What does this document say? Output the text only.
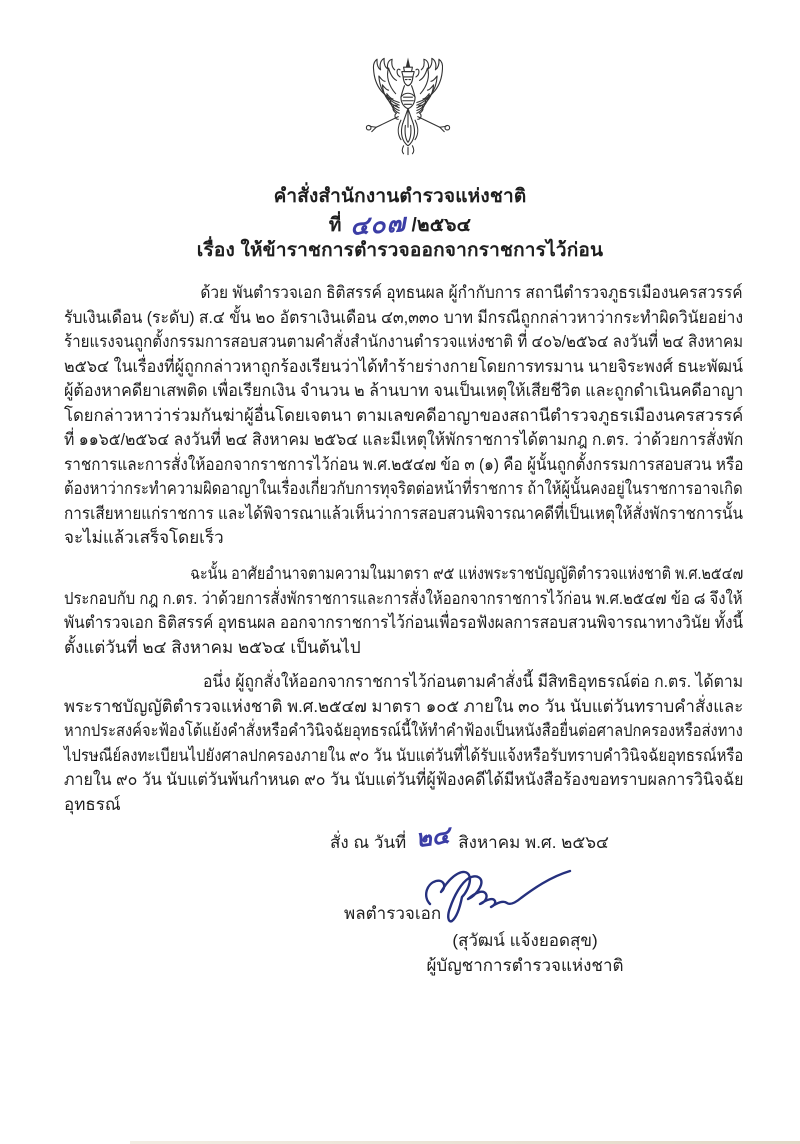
คำสั่งสำนักงานตำรวจแห่งชาติ
ที่ ๔๐๗ /๒๕๖๔
เรื่อง ให้ข้าราชการตำรวจออกจากราชการไว้ก่อน
ด้วย พันตำรวจเอก ธิติสรรค์ อุทธนผล ผู้กำกับการ สถานีตำรวจภูธรเมืองนครสวรรค์
รับเงินเดือน (ระดับ) ส.๔ ขั้น ๒๐ อัตราเงินเดือน ๔๓,๓๓๐ บาท มีกรณีถูกกล่าวหาว่ากระทำผิดวินัยอย่าง
ร้ายแรงจนถูกตั้งกรรมการสอบสวนตามคำสั่งสำนักงานตำรวจแห่งชาติ ที่ ๔๐๖/๒๕๖๔ ลงวันที่ ๒๔ สิงหาคม
๒๕๖๔ ในเรื่องที่ผู้ถูกกล่าวหาถูกร้องเรียนว่าได้ทำร้ายร่างกายโดยการทรมาน นายจิระพงศ์ ธนะพัฒน์
ผู้ต้องหาคดียาเสพติด เพื่อเรียกเงิน จำนวน ๒ ล้านบาท จนเป็นเหตุให้เสียชีวิต และถูกดำเนินคดีอาญา
โดยกล่าวหาว่าร่วมกันฆ่าผู้อื่นโดยเจตนา ตามเลขคดีอาญาของสถานีตำรวจภูธรเมืองนครสวรรค์
ที่ ๑๑๖๕/๒๕๖๔ ลงวันที่ ๒๔ สิงหาคม ๒๕๖๔ และมีเหตุให้พักราชการได้ตามกฎ ก.ตร. ว่าด้วยการสั่งพัก
ราชการและการสั่งให้ออกจากราชการไว้ก่อน พ.ศ.๒๕๔๗ ข้อ ๓ (๑) คือ ผู้นั้นถูกตั้งกรรมการสอบสวน หรือ
ต้องหาว่ากระทำความผิดอาญาในเรื่องเกี่ยวกับการทุจริตต่อหน้าที่ราชการ ถ้าให้ผู้นั้นคงอยู่ในราชการอาจเกิด
การเสียหายแก่ราชการ และได้พิจารณาแล้วเห็นว่าการสอบสวนพิจารณาคดีที่เป็นเหตุให้สั่งพักราชการนั้น
จะไม่แล้วเสร็จโดยเร็ว
ฉะนั้น อาศัยอำนาจตามความในมาตรา ๙๕ แห่งพระราชบัญญัติตำรวจแห่งชาติ พ.ศ.๒๕๔๗
ประกอบกับ กฎ ก.ตร. ว่าด้วยการสั่งพักราชการและการสั่งให้ออกจากราชการไว้ก่อน พ.ศ.๒๕๔๗ ข้อ ๘ จึงให้
พันตำรวจเอก ธิติสรรค์ อุทธนผล ออกจากราชการไว้ก่อนเพื่อรอฟังผลการสอบสวนพิจารณาทางวินัย ทั้งนี้
ตั้งแต่วันที่ ๒๔ สิงหาคม ๒๕๖๔ เป็นต้นไป
อนึ่ง ผู้ถูกสั่งให้ออกจากราชการไว้ก่อนตามคำสั่งนี้ มีสิทธิอุทธรณ์ต่อ ก.ตร. ได้ตาม
พระราชบัญญัติตำรวจแห่งชาติ พ.ศ.๒๕๔๗ มาตรา ๑๐๕ ภายใน ๓๐ วัน นับแต่วันทราบคำสั่งและ
หากประสงค์จะฟ้องโต้แย้งคำสั่งหรือคำวินิจฉัยอุทธรณ์นี้ให้ทำคำฟ้องเป็นหนังสือยื่นต่อศาลปกครองหรือส่งทาง
ไปรษณีย์ลงทะเบียนไปยังศาลปกครองภายใน ๙๐ วัน นับแต่วันที่ได้รับแจ้งหรือรับทราบคำวินิจฉัยอุทธรณ์หรือ
ภายใน ๙๐ วัน นับแต่วันพ้นกำหนด ๙๐ วัน นับแต่วันที่ผู้ฟ้องคดีได้มีหนังสือร้องขอทราบผลการวินิจฉัย
อุทธรณ์
สั่ง ณ วันที่ ๒๔ สิงหาคม พ.ศ. ๒๕๖๔
พลตำรวจเอก
(สุวัฒน์ แจ้งยอดสุข)
ผู้บัญชาการตำรวจแห่งชาติ
